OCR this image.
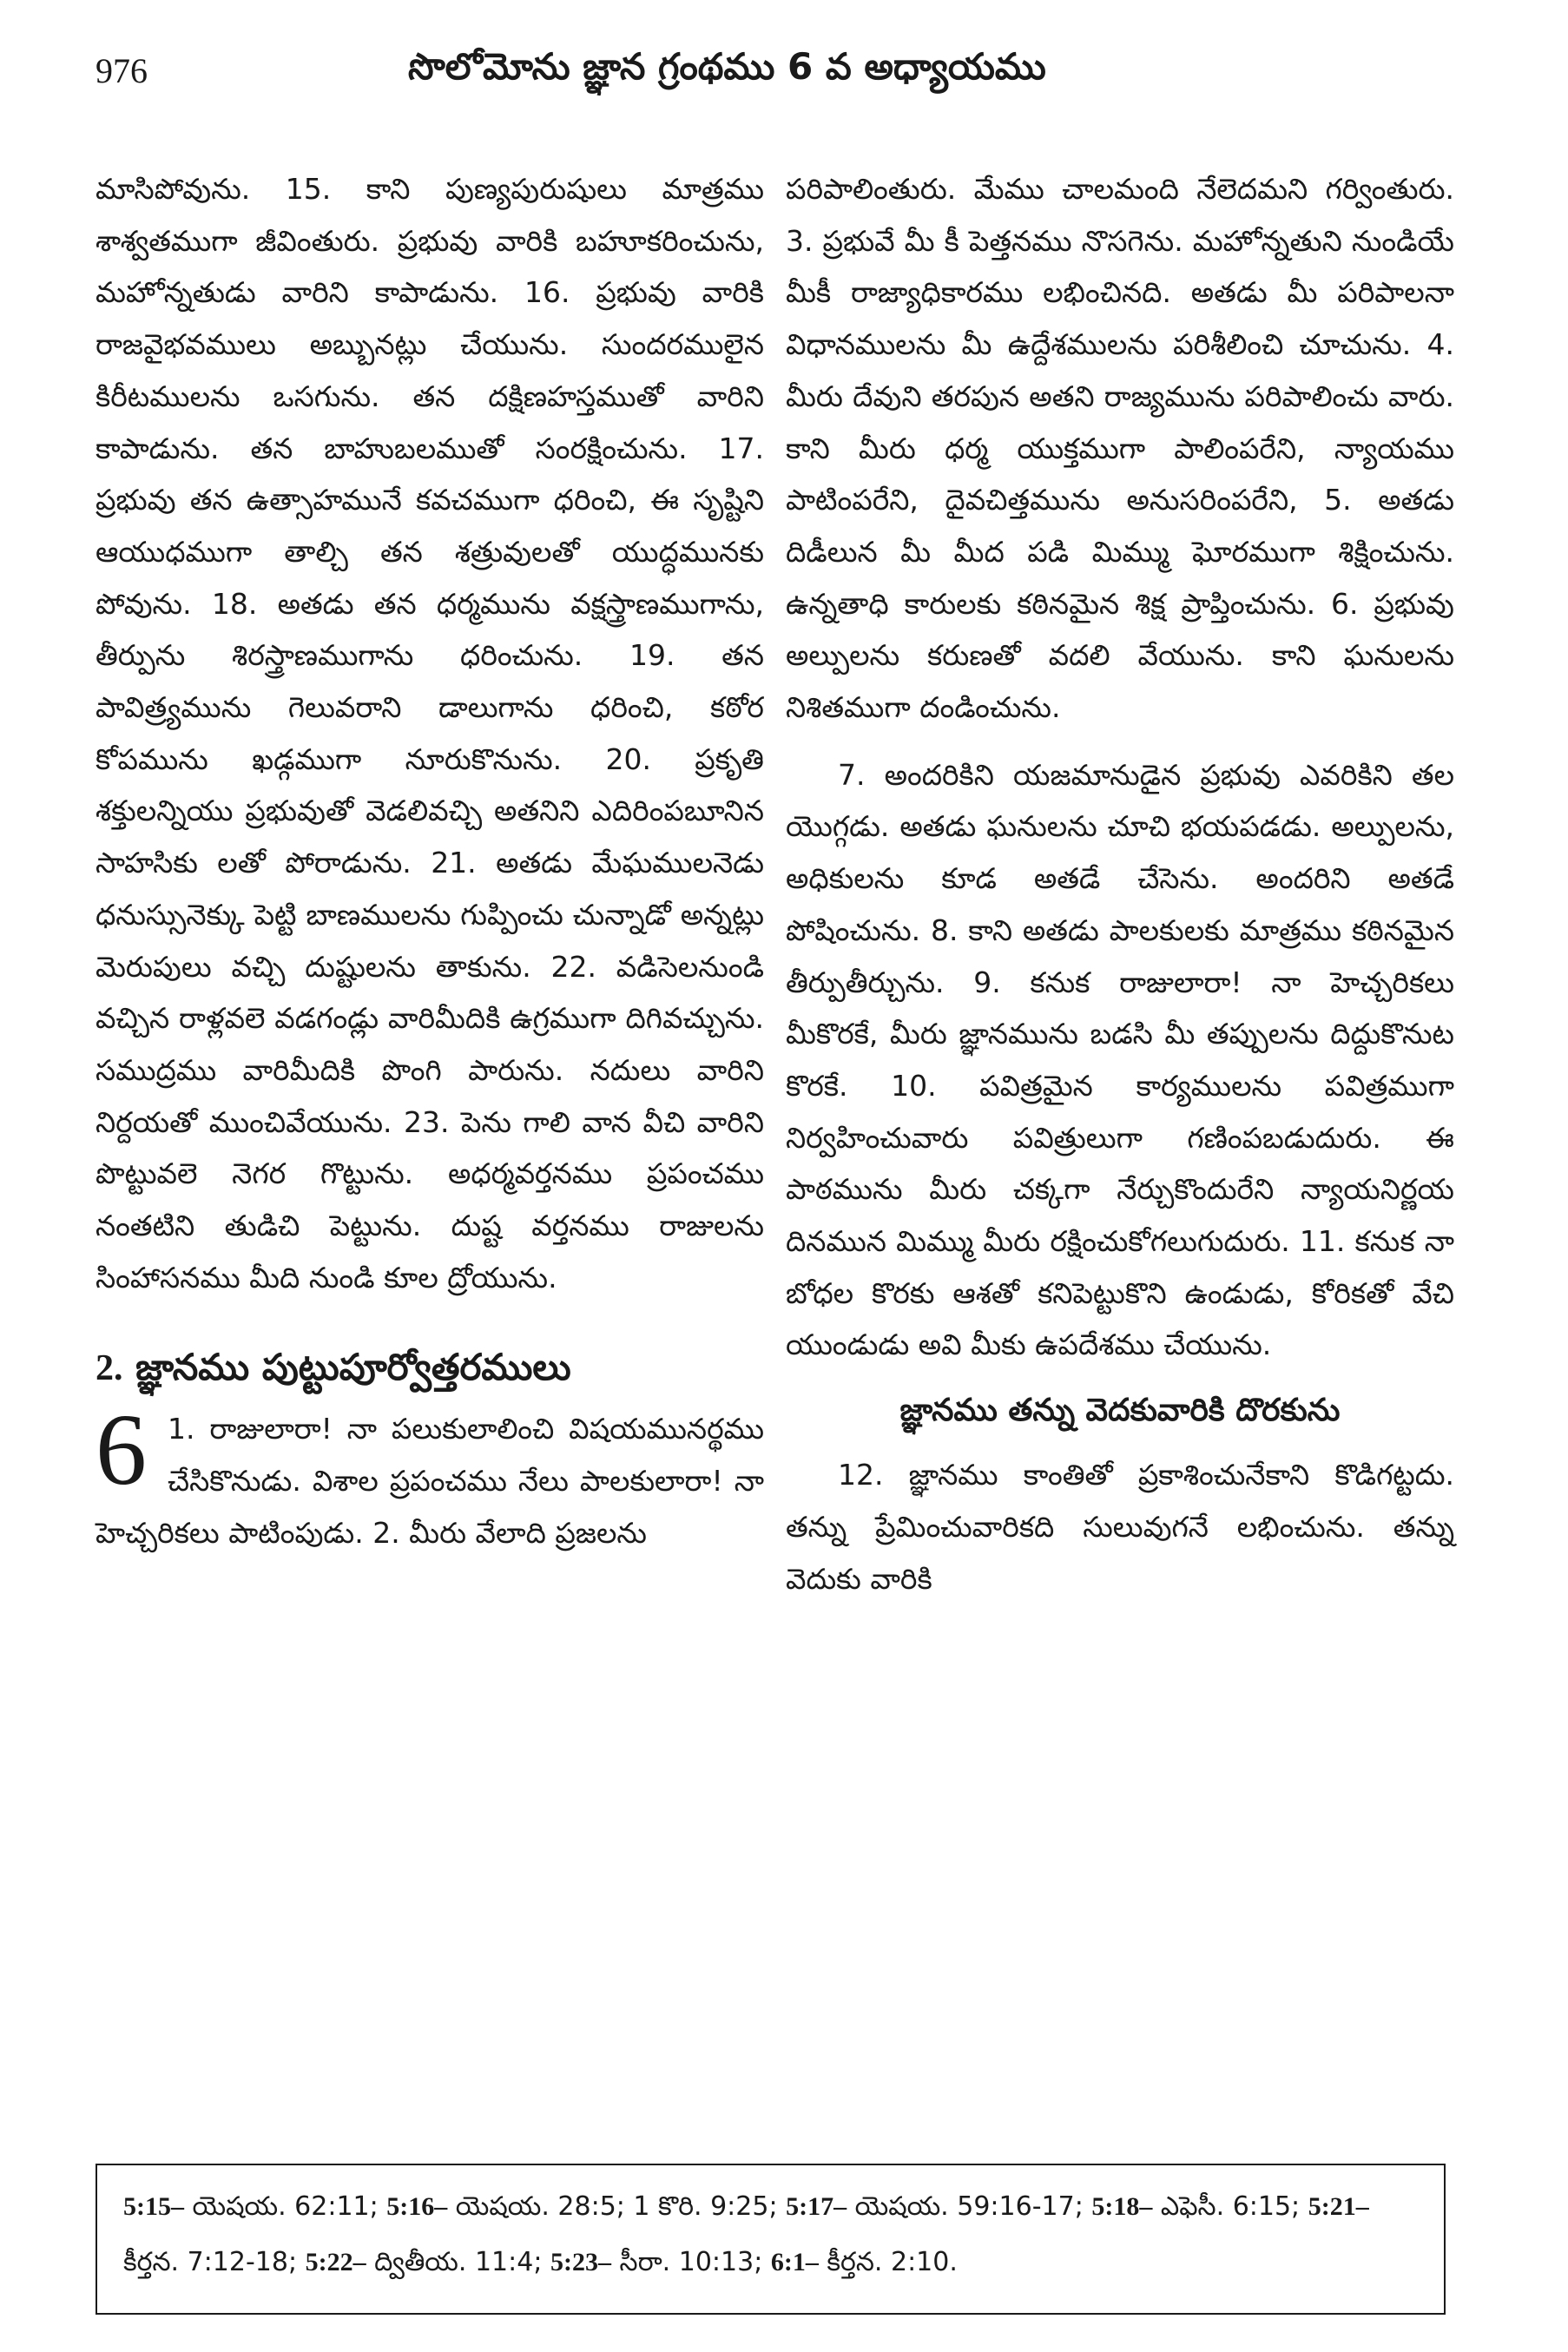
976	సొలోమోను జ్ఞాన గ్రంథము 6 వ అధ్యాయము

మాసిపోవును. 15. కాని పుణ్యపురుషులు మాత్రము శాశ్వతముగా జీవింతురు. ప్రభువు వారికి బహూకరించును, మహోన్నతుడు వారిని కాపాడును. 16. ప్రభువు వారికి రాజవైభవములు అబ్బునట్లు చేయును. సుందరములైన కిరీటములను ఒసగును. తన దక్షిణహస్తముతో వారిని కాపాడును. తన బాహుబలముతో సంరక్షించును. 17. ప్రభువు తన ఉత్సాహమునే కవచముగా ధరించి, ఈ సృష్టిని ఆయుధముగా తాల్చి తన శత్రువులతో యుద్ధమునకు పోవును. 18. అతడు తన ధర్మమును వక్షస్త్రాణముగాను, తీర్పును శిరస్త్రాణముగాను ధరించును. 19. తన పావిత్ర్యమును గెలువరాని డాలుగాను ధరించి, కఠోర కోపమును ఖడ్గముగా నూరుకొనును. 20. ప్రకృతి శక్తులన్నియు ప్రభువుతో వెడలివచ్చి అతనిని ఎదిరింపబూనిన సాహసికు లతో పోరాడును. 21. అతడు మేఘములనెడు ధనుస్సునెక్కు పెట్టి బాణములను గుప్పించు చున్నాడో అన్నట్లు మెరుపులు వచ్చి దుష్టులను తాకును. 22. వడిసెలనుండి వచ్చిన రాళ్లవలె వడగండ్లు వారిమీదికి ఉగ్రముగా దిగివచ్చును. సముద్రము వారిమీదికి పొంగి పారును. నదులు వారిని నిర్దయతో ముంచివేయును. 23. పెను గాలి వాన వీచి వారిని పొట్టువలె నెగర గొట్టును. అధర్మవర్తనము ప్రపంచము నంతటిని తుడిచి పెట్టును. దుష్ట వర్తనము రాజులను సింహాసనము మీది నుండి కూల ద్రోయును.

2. జ్ఞానము పుట్టుపూర్వోత్తరములు

6 1. రాజులారా! నా పలుకులాలించి విషయమునర్థము చేసికొనుడు. విశాల ప్రపంచము నేలు పాలకులారా! నా హెచ్చరికలు పాటింపుడు. 2. మీరు వేలాది ప్రజలను

పరిపాలింతురు. మేము చాలమంది నేలెదమని గర్వింతురు. 3. ప్రభువే మీ కీ పెత్తనము నొసగెను. మహోన్నతుని నుండియే మీకీ రాజ్యాధికారము లభించినది. అతడు మీ పరిపాలనా విధానములను మీ ఉద్దేశములను పరిశీలించి చూచును. 4. మీరు దేవుని తరపున అతని రాజ్యమును పరిపాలించు వారు. కాని మీరు ధర్మ యుక్తముగా పాలింపరేని, న్యాయము పాటింపరేని, దైవచిత్తమును అనుసరింపరేని, 5. అతడు దిడీలున మీ మీద పడి మిమ్ము ఘోరముగా శిక్షించును. ఉన్నతాధి కారులకు కఠినమైన శిక్ష ప్రాప్తించును. 6. ప్రభువు అల్పులను కరుణతో వదలి వేయును. కాని ఘనులను నిశితముగా దండించును.

7. అందరికిని యజమానుడైన ప్రభువు ఎవరికిని తల యొగ్గడు. అతడు ఘనులను చూచి భయపడడు. అల్పులను, అధికులను కూడ అతడే చేసెను. అందరిని అతడే పోషించును. 8. కాని అతడు పాలకులకు మాత్రము కఠినమైన తీర్పుతీర్చును. 9. కనుక రాజులారా! నా హెచ్చరికలు మీకొరకే, మీరు జ్ఞానమును బడసి మీ తప్పులను దిద్దుకొనుట కొరకే. 10. పవిత్రమైన కార్యములను పవిత్రముగా నిర్వహించువారు పవిత్రులుగా గణింపబడుదురు. ఈ పాఠమును మీరు చక్కగా నేర్చుకొందురేని న్యాయనిర్ణయ దినమున మిమ్ము మీరు రక్షించుకోగలుగుదురు. 11. కనుక నా బోధల కొరకు ఆశతో కనిపెట్టుకొని ఉండుడు, కోరికతో వేచి యుండుడు అవి మీకు ఉపదేశము చేయును.

జ్ఞానము తన్ను వెదకువారికి దొరకును

12. జ్ఞానము కాంతితో ప్రకాశించునేకాని కొడిగట్టదు. తన్ను ప్రేమించువారికది సులువుగనే లభించును. తన్ను వెదుకు వారికి

5:15– యెషయ. 62:11; 5:16– యెషయ. 28:5; 1 కొరి. 9:25; 5:17– యెషయ. 59:16-17; 5:18– ఎఫెసీ. 6:15; 5:21– కీర్తన. 7:12-18; 5:22– ద్వితీయ. 11:4; 5:23– సీరా. 10:13; 6:1– కీర్తన. 2:10.
